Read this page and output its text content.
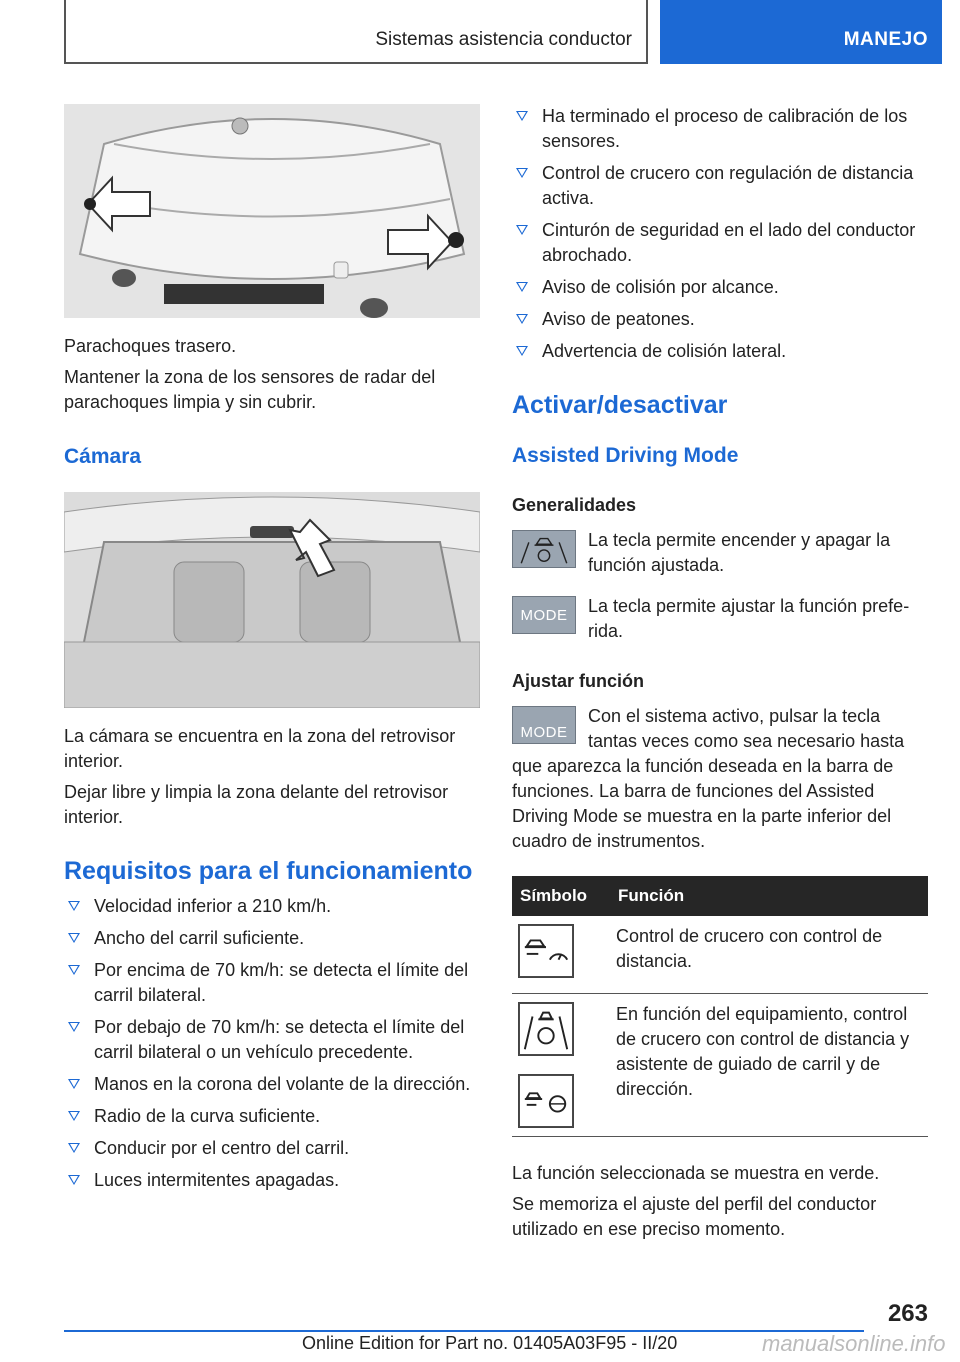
Sistemas asistencia conductor	MANEJO

Parachoques trasero.

Mantener la zona de los sensores de radar del parachoques limpia y sin cubrir.

Cámara

La cámara se encuentra en la zona del retrovisor interior.

Dejar libre y limpia la zona delante del retrovisor interior.

Requisitos para el funcionamiento
Velocidad inferior a 210 km/h.
Ancho del carril suficiente.
Por encima de 70 km/h: se detecta el límite del carril bilateral.
Por debajo de 70 km/h: se detecta el límite del carril bilateral o un vehículo precedente.
Manos en la corona del volante de la dirección.
Radio de la curva suficiente.
Conducir por el centro del carril.
Luces intermitentes apagadas.
Ha terminado el proceso de calibración de los sensores.
Control de crucero con regulación de distancia activa.
Cinturón de seguridad en el lado del conductor abrochado.
Aviso de colisión por alcance.
Aviso de peatones.
Advertencia de colisión lateral.
Activar/desactivar
Assisted Driving Mode
Generalidades
La tecla permite encender y apagar la función ajustada.
MODE La tecla permite ajustar la función preferida.
Ajustar función
MODE

Con el sistema activo, pulsar la tecla tantas veces como sea necesario hasta que aparezca la función deseada en la barra de funciones. La barra de funciones del Assisted Driving Mode se muestra en la parte inferior del cuadro de instrumentos.

Símbolo	Función
	Control de crucero con control de distancia.

	En función del equipamiento, control de crucero con control de distancia y asistente de guiado de carril y de dirección.

La función seleccionada se muestra en verde.

Se memoriza el ajuste del perfil del conductor utilizado en ese preciso momento.

263
Online Edition for Part no. 01405A03F95 - II/20	manualsonline.info
